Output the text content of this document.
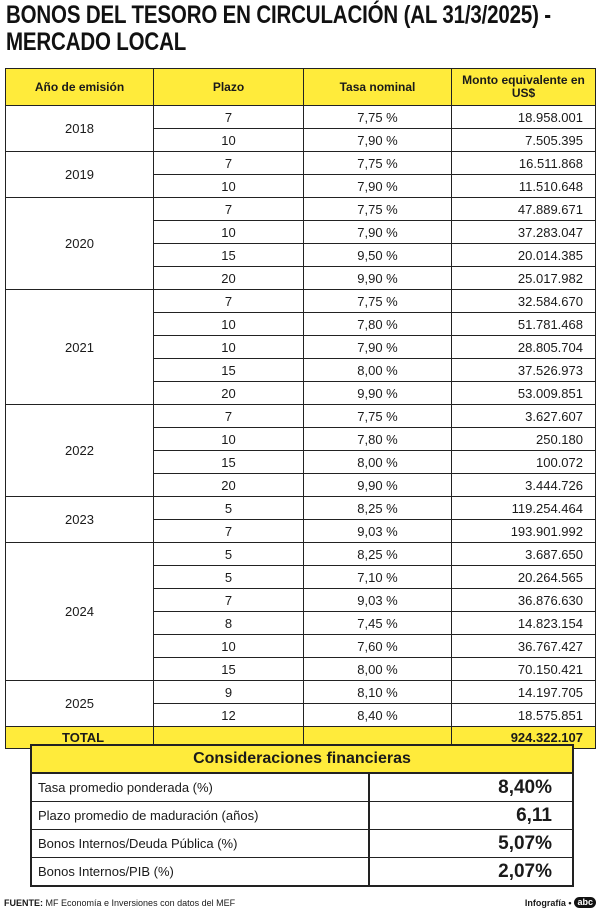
BONOS DEL TESORO EN CIRCULACIÓN (AL 31/3/2025) -
MERCADO LOCAL
Año de emisión	Plazo	Tasa nominal	Monto equivalente en US$
2018	7	7,75 %	18.958.001
	10	7,90 %	7.505.395
2019	7	7,75 %	16.511.868
	10	7,90 %	11.510.648
2020	7	7,75 %	47.889.671
	10	7,90 %	37.283.047
	15	9,50 %	20.014.385
	20	9,90 %	25.017.982
2021	7	7,75 %	32.584.670
	10	7,80 %	51.781.468
	10	7,90 %	28.805.704
	15	8,00 %	37.526.973
	20	9,90 %	53.009.851
2022	7	7,75 %	3.627.607
	10	7,80 %	250.180
	15	8,00 %	100.072
	20	9,90 %	3.444.726
2023	5	8,25 %	119.254.464
	7	9,03 %	193.901.992
2024	5	8,25 %	3.687.650
	5	7,10 %	20.264.565
	7	9,03 %	36.876.630
	8	7,45 %	14.823.154
	10	7,60 %	36.767.427
	15	8,00 %	70.150.421
2025	9	8,10 %	14.197.705
	12	8,40 %	18.575.851
TOTAL			924.322.107
Consideraciones financieras
Tasa promedio ponderada (%)	8,40%
Plazo promedio de maduración (años)	6,11
Bonos Internos/Deuda Pública (%)	5,07%
Bonos Internos/PIB (%)	2,07%
FUENTE: MF Economía e Inversiones con datos del MEF	Infografía • abc
